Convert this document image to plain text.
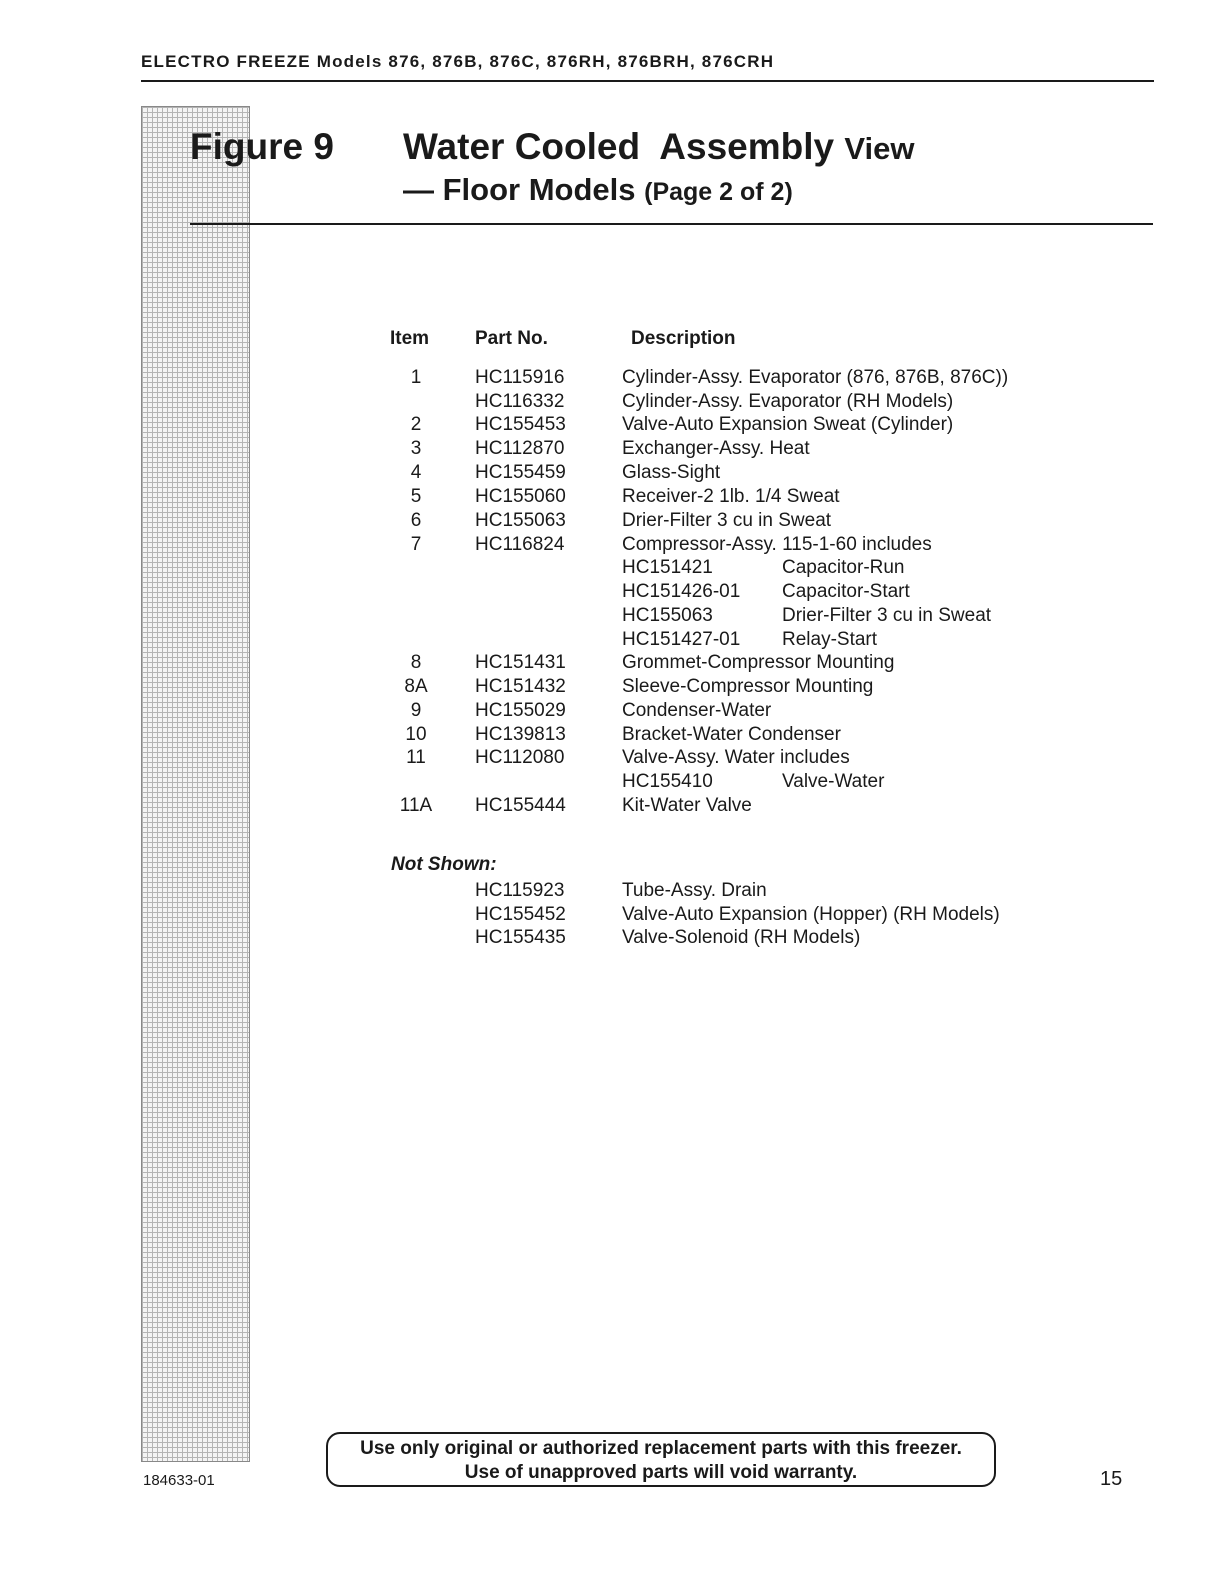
ELECTRO FREEZE Models 876, 876B, 876C, 876RH, 876BRH, 876CRH
Figure 9 Water Cooled  Assembly View
— Floor Models (Page 2 of 2)
Item Part No.	Description
1	HC115916	Cylinder-Assy. Evaporator (876, 876B, 876C))
HC116332	Cylinder-Assy. Evaporator (RH Models)
2	HC155453	Valve-Auto Expansion Sweat (Cylinder)
3	HC112870	Exchanger-Assy. Heat
4	HC155459	Glass-Sight
5	HC155060	Receiver-2 1lb. 1/4 Sweat
6	HC155063	Drier-Filter 3 cu in Sweat
7	HC116824	Compressor-Assy. 115-1-60 includes
HC151421	Capacitor-Run
HC151426-01 Capacitor-Start
HC155063	Drier-Filter 3 cu in Sweat
HC151427-01 Relay-Start
8	HC151431	Grommet-Compressor Mounting
8A	HC151432	Sleeve-Compressor Mounting
9	HC155029	Condenser-Water
10	HC139813	Bracket-Water Condenser
11	HC112080	Valve-Assy. Water includes
HC155410	Valve-Water
11A	HC155444	Kit-Water Valve
Not Shown:
HC115923	Tube-Assy. Drain
HC155452	Valve-Auto Expansion (Hopper) (RH Models)
HC155435	Valve-Solenoid (RH Models)
184633-01
Use only original or authorized replacement parts with this freezer.
Use of unapproved parts will void warranty.	15
